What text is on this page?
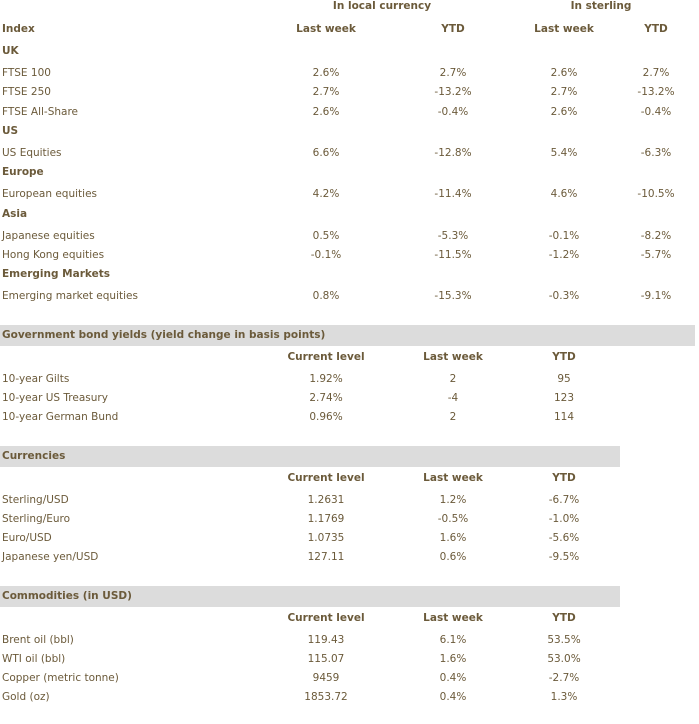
In local currency	In sterling
Index	Last week	YTD	Last week	YTD
UK
FTSE 100	2.6%	2.7%	2.6%	2.7%
FTSE 250	2.7%	-13.2%	2.7%	-13.2%
FTSE All-Share	2.6%	-0.4%	2.6%	-0.4%
US
US Equities	6.6%	-12.8%	5.4%	-6.3%
Europe
European equities	4.2%	-11.4%	4.6%	-10.5%
Asia
Japanese equities	0.5%	-5.3%	-0.1%	-8.2%
Hong Kong equities	-0.1%	-11.5%	-1.2%	-5.7%
Emerging Markets
Emerging market equities	0.8%	-15.3%	-0.3%	-9.1%
Government bond yields (yield change in basis points)
Current level	Last week	YTD
10-year Gilts	1.92%	2	95
10-year US Treasury	2.74%	-4	123
10-year German Bund	0.96%	2	114
Currencies
Current level	Last week	YTD
Sterling/USD	1.2631	1.2%	-6.7%
Sterling/Euro	1.1769	-0.5%	-1.0%
Euro/USD	1.0735	1.6%	-5.6%
Japanese yen/USD	127.11	0.6%	-9.5%
Commodities (in USD)
Current level	Last week	YTD
Brent oil (bbl)	119.43	6.1%	53.5%
WTI oil (bbl)	115.07	1.6%	53.0%
Copper (metric tonne)	9459	0.4%	-2.7%
Gold (oz)	1853.72	0.4%	1.3%
